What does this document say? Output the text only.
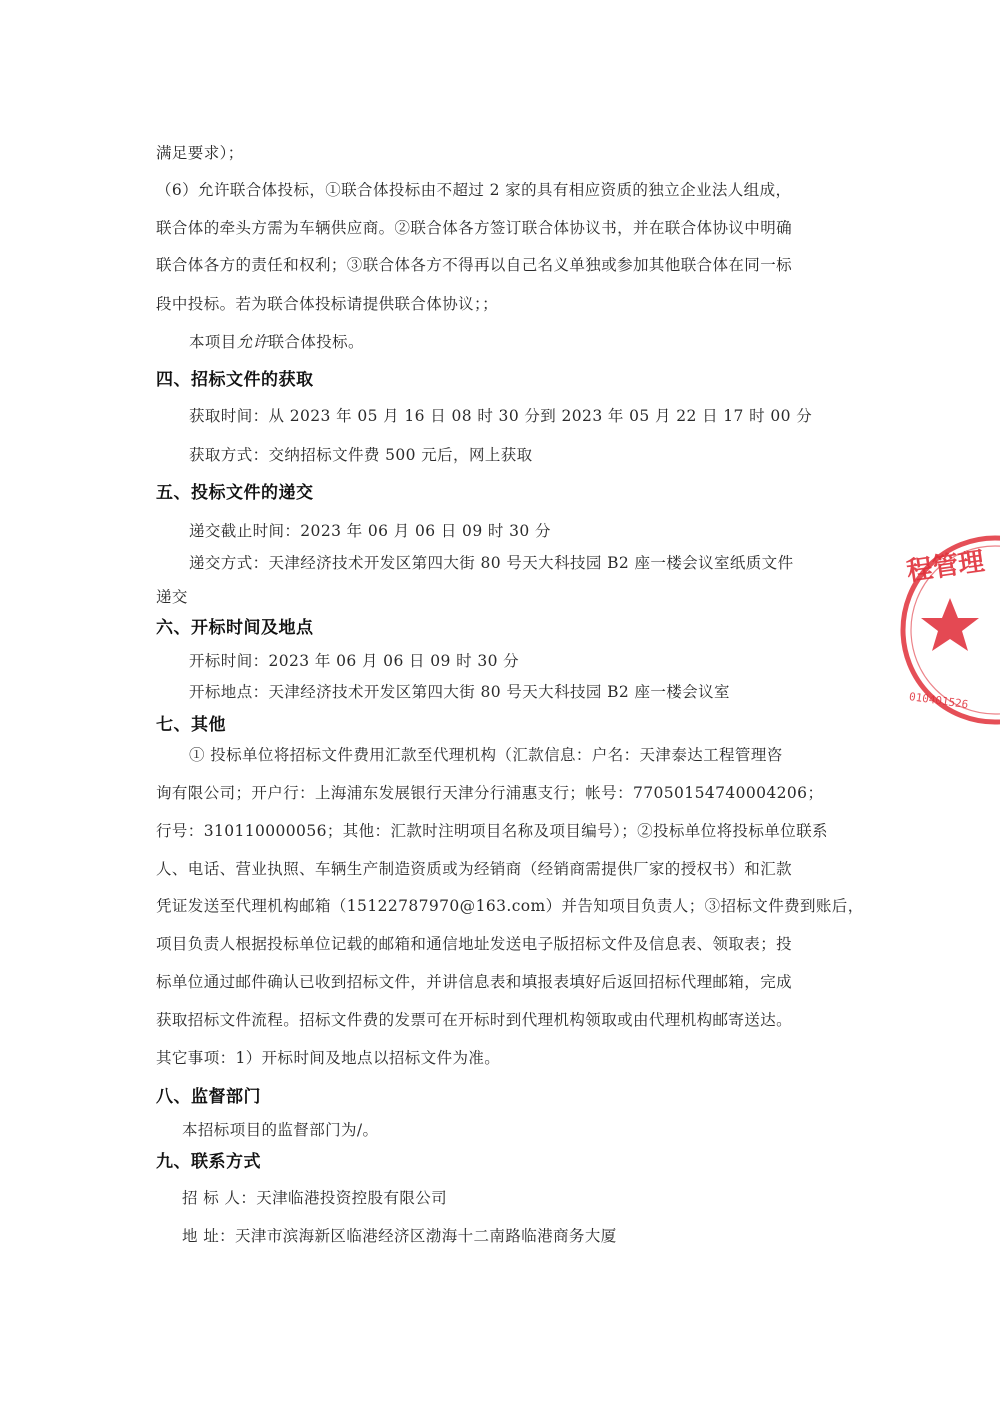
满足要求）；
（6）允许联合体投标，①联合体投标由不超过 2 家的具有相应资质的独立企业法人组成，
联合体的牵头方需为车辆供应商。②联合体各方签订联合体协议书，并在联合体协议中明确
联合体各方的责任和权利；③联合体各方不得再以自己名义单独或参加其他联合体在同一标
段中投标。若为联合体投标请提供联合体协议；；
本项目允许联合体投标。
四、招标文件的获取
获取时间：从 2023 年 05 月 16 日 08 时 30 分到 2023 年 05 月 22 日 17 时 00 分
获取方式：交纳招标文件费 500 元后，网上获取
五、投标文件的递交
递交截止时间：2023 年 06 月 06 日 09 时 30 分
递交方式：天津经济技术开发区第四大街 80 号天大科技园 B2 座一楼会议室纸质文件
递交
六、开标时间及地点
开标时间：2023 年 06 月 06 日 09 时 30 分
开标地点：天津经济技术开发区第四大街 80 号天大科技园 B2 座一楼会议室
七、其他
① 投标单位将招标文件费用汇款至代理机构（汇款信息：户名：天津泰达工程管理咨
询有限公司；开户行：上海浦东发展银行天津分行浦惠支行；帐号：77050154740004206；
行号：310110000056；其他：汇款时注明项目名称及项目编号）；②投标单位将投标单位联系
人、电话、营业执照、车辆生产制造资质或为经销商（经销商需提供厂家的授权书）和汇款
凭证发送至代理机构邮箱（15122787970@163.com）并告知项目负责人；③招标文件费到账后，
项目负责人根据投标单位记载的邮箱和通信地址发送电子版招标文件及信息表、领取表；投
标单位通过邮件确认已收到招标文件，并讲信息表和填报表填好后返回招标代理邮箱，完成
获取招标文件流程。招标文件费的发票可在开标时到代理机构领取或由代理机构邮寄送达。
其它事项：1）开标时间及地点以招标文件为准。
八、监督部门
本招标项目的监督部门为/。
九、联系方式
招 标 人：天津临港投资控股有限公司
地 址：天津市滨海新区临港经济区渤海十二南路临港商务大厦
程管理
010401526
